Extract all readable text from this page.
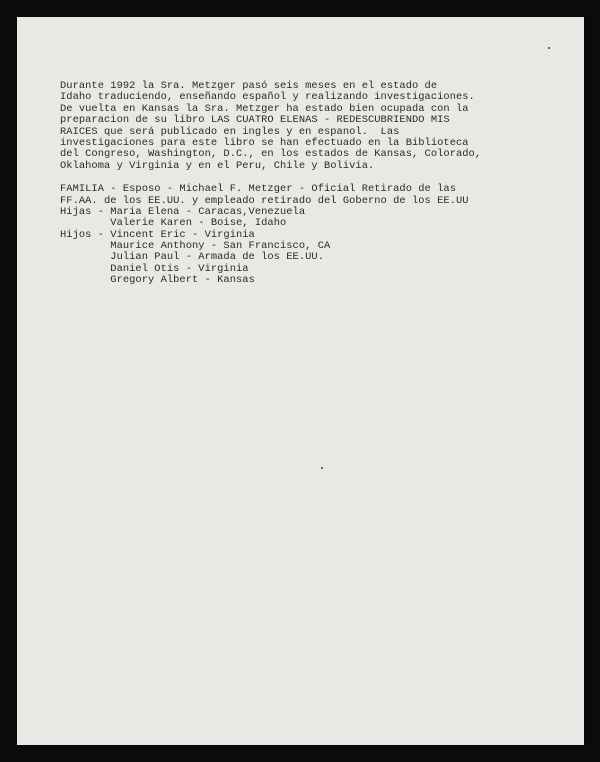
Durante 1992 la Sra. Metzger pasó seis meses en el estado de
Idaho traduciendo, enseñando español y realizando investigaciones.
De vuelta en Kansas la Sra. Metzger ha estado bien ocupada con la
preparacion de su libro LAS CUATRO ELENAS - REDESCUBRIENDO MIS
RAICES que será publicado en ingles y en espanol.  Las
investigaciones para este libro se han efectuado en la Biblioteca
del Congreso, Washington, D.C., en los estados de Kansas, Colorado,
Oklahoma y Virginia y en el Peru, Chile y Bolivia.
FAMILIA - Esposo - Michael F. Metzger - Oficial Retirado de las
FF.AA. de los EE.UU. y empleado retirado del Goberno de los EE.UU
Hijas - Maria Elena - Caracas,Venezuela
Valerie Karen - Boise, Idaho
Hijos - Vincent Eric - Virginia
Maurice Anthony - San Francisco, CA
Julian Paul - Armada de los EE.UU.
Daniel Otis - Virginia
Gregory Albert - Kansas
